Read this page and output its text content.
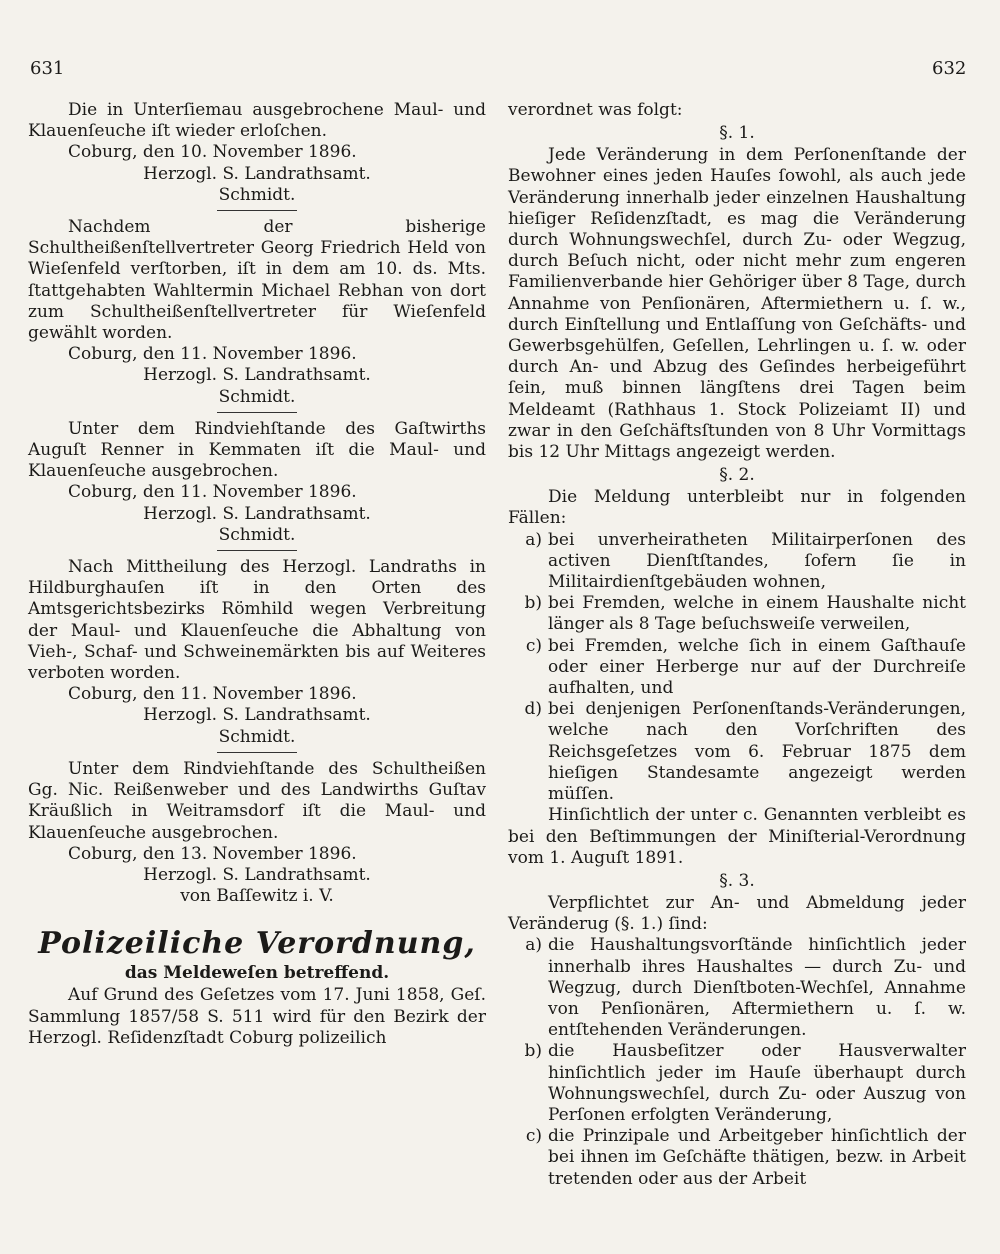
631	632

Die in Unterſiemau ausgebrochene Maul- und Klauenſeuche iſt wieder erloſchen.

Coburg, den 10. November 1896.

Herzogl. S. Landrathsamt.

Schmidt.

Nachdem der bisherige Schultheißenſtellvertreter Georg Friedrich Held von Wieſenfeld verſtorben, iſt in dem am 10. ds. Mts. ſtattgehabten Wahltermin Michael Rebhan von dort zum Schultheißenſtellvertreter für Wieſenfeld gewählt worden.

Coburg, den 11. November 1896.

Herzogl. S. Landrathsamt.

Schmidt.

Unter dem Rindviehſtande des Gaſtwirths Auguſt Renner in Kemmaten iſt die Maul- und Klauenſeuche ausgebrochen.

Coburg, den 11. November 1896.

Herzogl. S. Landrathsamt.

Schmidt.

Nach Mittheilung des Herzogl. Landraths in Hildburghauſen iſt in den Orten des Amtsgerichtsbezirks Römhild wegen Verbreitung der Maul- und Klauenſeuche die Abhaltung von Vieh-, Schaf- und Schweinemärkten bis auf Weiteres verboten worden.

Coburg, den 11. November 1896.

Herzogl. S. Landrathsamt.

Schmidt.

Unter dem Rindviehſtande des Schultheißen Gg. Nic. Reißenweber und des Landwirths Guſtav Kräußlich in Weitramsdorf iſt die Maul- und Klauenſeuche ausgebrochen.

Coburg, den 13. November 1896.

Herzogl. S. Landrathsamt.

von Baſſewitz i. V.

Polizeiliche Verordnung,
das Meldeweſen betreffend.

Auf Grund des Geſetzes vom 17. Juni 1858, Geſ. Sammlung 1857/58 S. 511 wird für den Bezirk der Herzogl. Reſidenzſtadt Coburg polizeilich

verordnet was folgt:

§. 1.

Jede Veränderung in dem Perſonenſtande der Bewohner eines jeden Hauſes ſowohl, als auch jede Veränderung innerhalb jeder einzelnen Haushaltung hieſiger Reſidenzſtadt, es mag die Veränderung durch Wohnungswechſel, durch Zu- oder Wegzug, durch Beſuch nicht, oder nicht mehr zum engeren Familienverbande hier Gehöriger über 8 Tage, durch Annahme von Penſionären, Aftermiethern u. ſ. w., durch Einſtellung und Entlaſſung von Geſchäfts- und Gewerbsgehülfen, Geſellen, Lehrlingen u. ſ. w. oder durch An- und Abzug des Geſindes herbeigeführt ſein, muß binnen längſtens drei Tagen beim Meldeamt (Rathhaus 1. Stock Polizeiamt II) und zwar in den Geſchäftsſtunden von 8 Uhr Vormittags bis 12 Uhr Mittags angezeigt werden.

§. 2.

Die Meldung unterbleibt nur in folgenden Fällen:

a) bei unverheiratheten Militairperſonen des activen Dienſtſtandes, ſofern ſie in Militairdienſtgebäuden wohnen,
b) bei Fremden, welche in einem Haushalte nicht länger als 8 Tage beſuchsweiſe verweilen,
c) bei Fremden, welche ſich in einem Gaſthauſe oder einer Herberge nur auf der Durchreiſe aufhalten, und
d) bei denjenigen Perſonenſtands-Veränderungen, welche nach den Vorſchriften des Reichsgeſetzes vom 6. Februar 1875 dem hieſigen Standesamte angezeigt werden müſſen.

Hinſichtlich der unter c. Genannten verbleibt es bei den Beſtimmungen der Miniſterial-Verordnung vom 1. Auguſt 1891.

§. 3.

Verpflichtet zur An- und Abmeldung jeder Veränderug (§. 1.) ſind:

a) die Haushaltungsvorſtände hinſichtlich jeder innerhalb ihres Haushaltes — durch Zu- und Wegzug, durch Dienſtboten-Wechſel, Annahme von Penſionären, Aftermiethern u. ſ. w. entſtehenden Veränderungen.
b) die Hausbeſitzer oder Hausverwalter hinſichtlich jeder im Hauſe überhaupt durch Wohnungswechſel, durch Zu- oder Auszug von Perſonen erfolgten Veränderung,
c) die Prinzipale und Arbeitgeber hinſichtlich der bei ihnen im Geſchäfte thätigen, bezw. in Arbeit tretenden oder aus der Arbeit
